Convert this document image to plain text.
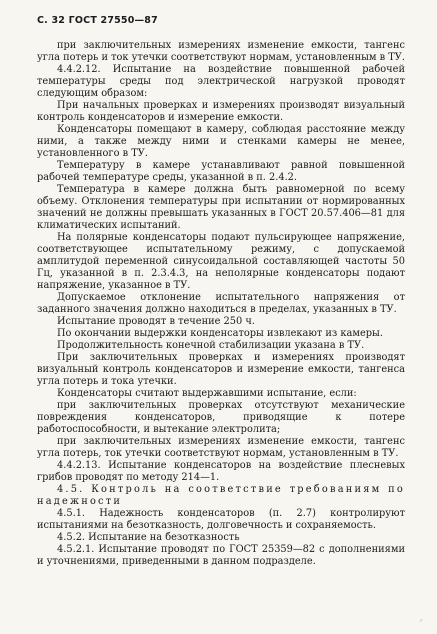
С. 32 ГОСТ 27550—87

при заключительных измерениях изменение емкости, тангенс угла потерь и ток утечки соответствуют нормам, установленным в ТУ.

4.4.2.12. Испытание на воздействие повышенной рабочей температуры среды под электрической нагрузкой проводят следующим образом:

При начальных проверках и измерениях производят визуальный контроль конденсаторов и измерение емкости.

Конденсаторы помещают в камеру, соблюдая расстояние между ними, а также между ними и стенками камеры не менее, установленного в ТУ.

Температуру в камере устанавливают равной повышенной рабочей температуре среды, указанной в п. 2.4.2.

Температура в камере должна быть равномерной по всему объему. Отклонения температуры при испытании от нормированных значений не должны превышать указанных в ГОСТ 20.57.406—81 для климатических испытаний.

На полярные конденсаторы подают пульсирующее напряжение, соответствующее испытательному режиму, с допускаемой амплитудой переменной синусоидальной составляющей частоты 50 Гц, указанной в п. 2.3.4.3, на неполярные конденсаторы подают напряжение, указанное в ТУ.

Допускаемое отклонение испытательного напряжения от заданного значения должно находиться в пределах, указанных в ТУ.

Испытание проводят в течение 250 ч.

По окончании выдержки конденсаторы извлекают из камеры.

Продолжительность конечной стабилизации указана в ТУ.

При заключительных проверках и измерениях производят визуальный контроль конденсаторов и измерение емкости, тангенса угла потерь и тока утечки.

Конденсаторы считают выдержавшими испытание, если:

при заключительных проверках отсутствуют механические повреждения конденсаторов, приводящие к потере работоспособности, и вытекание электролита;

при заключительных измерениях изменение емкости, тангенс угла потерь, ток утечки соответствуют нормам, установленным в ТУ.

4.4.2.13. Испытание конденсаторов на воздействие плесневых грибов проводят по методу 214—1.

4.5. Контроль на соответствие требованиям по надежности

4.5.1. Надежность конденсаторов (п. 2.7) контролируют испытаниями на безотказность, долговечность и сохраняемость.

4.5.2. Испытание на безотказность

4.5.2.1. Испытание проводят по ГОСТ 25359—82 с дополнениями и уточнениями, приведенными в данном подразделе.

⸝
